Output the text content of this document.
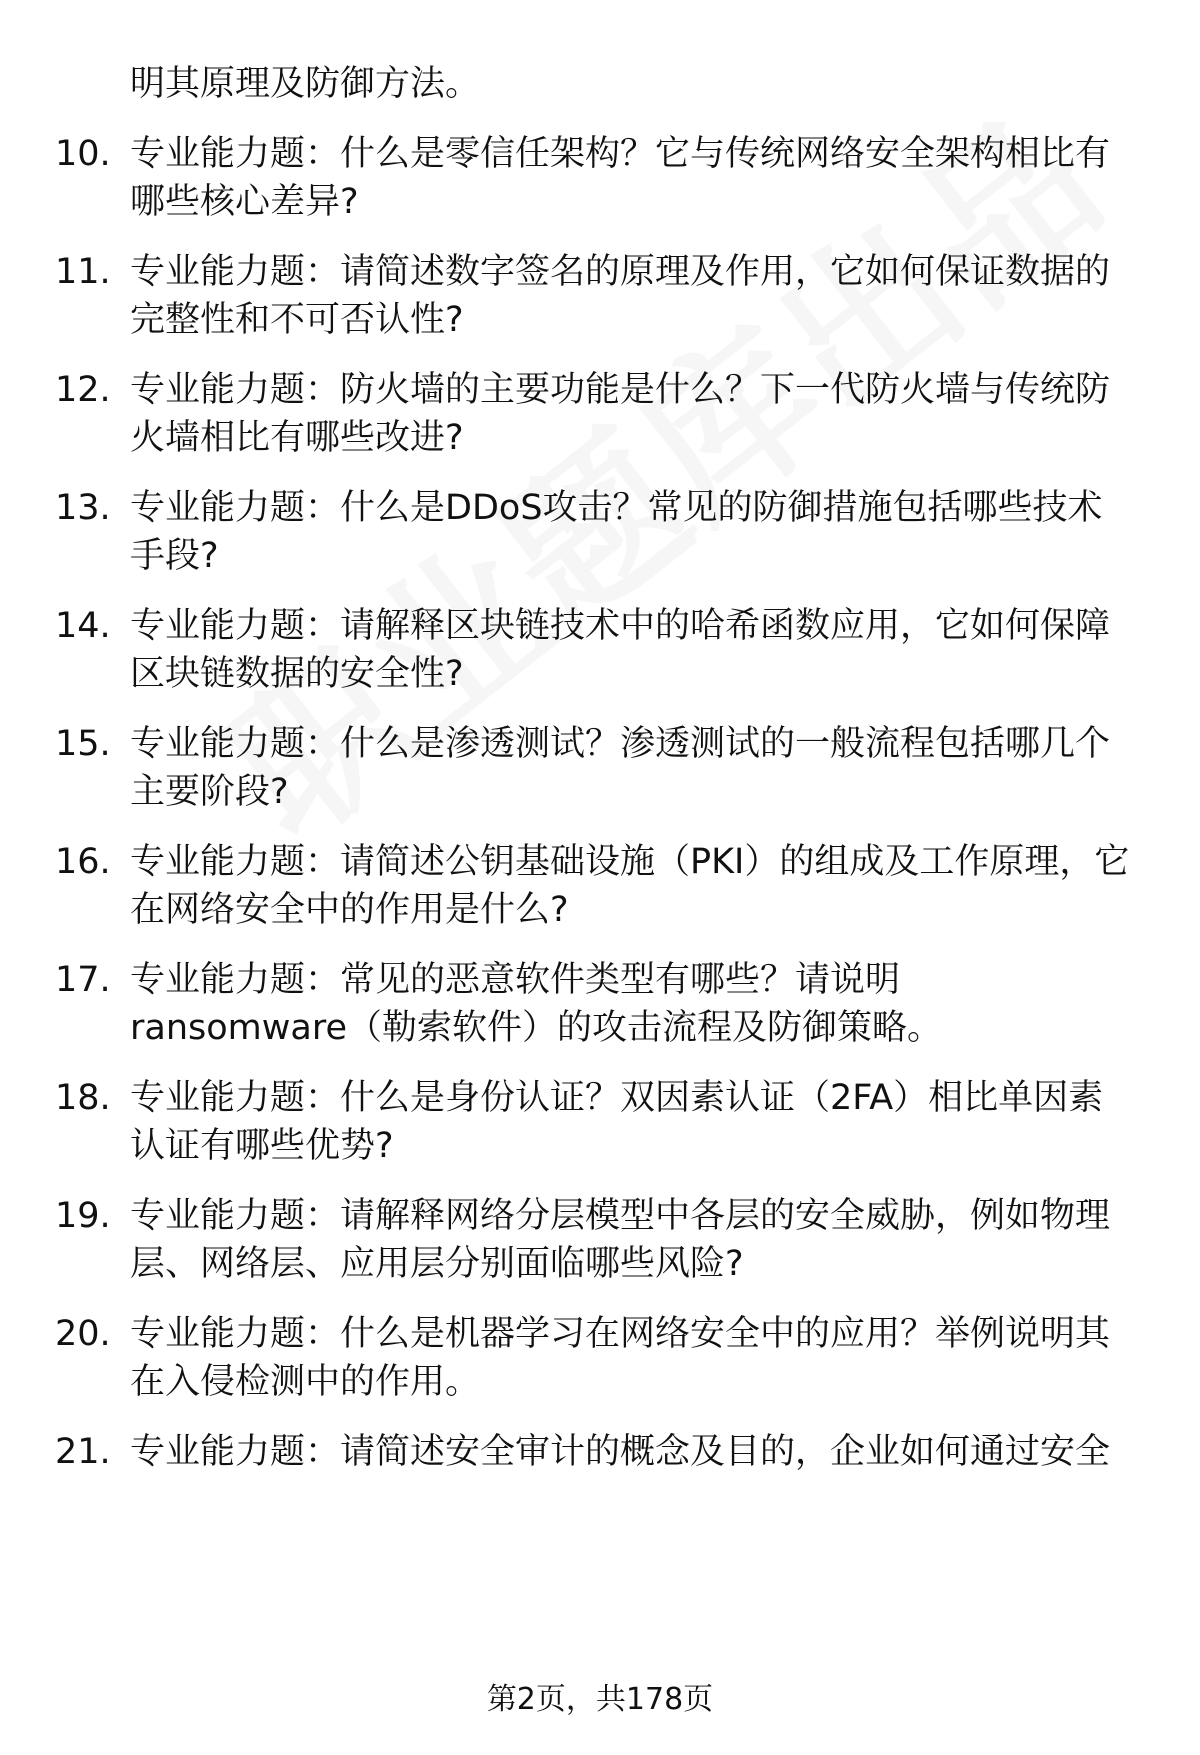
明其原理及防御方法。
10. 专业能力题：什么是零信任架构？它与传统网络安全架构相比有
哪些核心差异?
11. 专业能力题：请简述数字签名的原理及作用，它如何保证数据的
完整性和不可否认性?
12. 专业能力题：防火墙的主要功能是什么？下一代防火墙与传统防
火墙相比有哪些改进?
13. 专业能力题：什么是DDoS攻击？常见的防御措施包括哪些技术
手段?
14. 专业能力题：请解释区块链技术中的哈希函数应用，它如何保障
区块链数据的安全性?
15. 专业能力题：什么是渗透测试？渗透测试的一般流程包括哪几个
主要阶段?
16. 专业能力题：请简述公钥基础设施（PKI）的组成及工作原理，它
在网络安全中的作用是什么?
17. 专业能力题：常见的恶意软件类型有哪些？请说明
ransomware（勒索软件）的攻击流程及防御策略。
18. 专业能力题：什么是身份认证？双因素认证（2FA）相比单因素
认证有哪些优势?
19. 专业能力题：请解释网络分层模型中各层的安全威胁，例如物理
层、网络层、应用层分别面临哪些风险?
20. 专业能力题：什么是机器学习在网络安全中的应用？举例说明其
在入侵检测中的作用。
21. 专业能力题：请简述安全审计的概念及目的，企业如何通过安全
第2页，共178页
